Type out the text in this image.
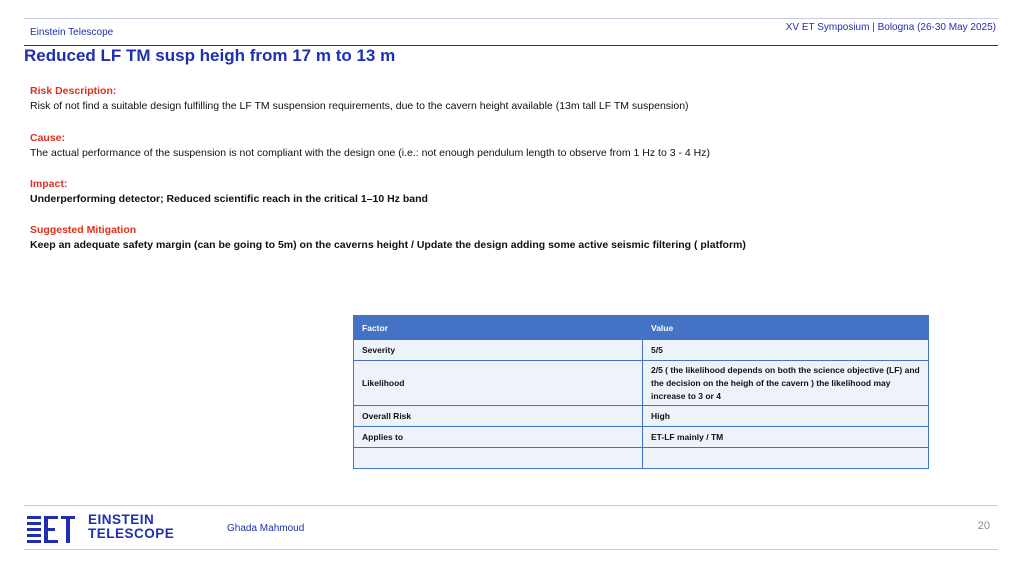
Einstein Telescope	XV ET Symposium | Bologna (26-30 May 2025)
Reduced LF TM susp heigh from 17 m to 13 m
Risk Description:
Risk of not find a suitable design fulfilling the LF TM suspension requirements, due to the cavern height available (13m tall LF TM suspension)
Cause:
The actual performance of the suspension is not compliant with the design one (i.e.: not enough pendulum length to observe from 1 Hz to 3 - 4 Hz)
Impact:
Underperforming detector; Reduced scientific reach in the critical 1–10 Hz band
Suggested Mitigation
Keep an adequate safety margin (can be going to 5m) on the caverns height / Update the design adding some active seismic filtering ( platform)
Factor	Value
Severity	5/5
Likelihood	2/5 ( the likelihood depends on both the science objective (LF) and the decision on the heigh of the cavern ) the likelihood may increase to 3 or 4
Overall Risk	High
Applies to	ET-LF mainly / TM

EINSTEIN
TELESCOPE	Ghada Mahmoud	20
